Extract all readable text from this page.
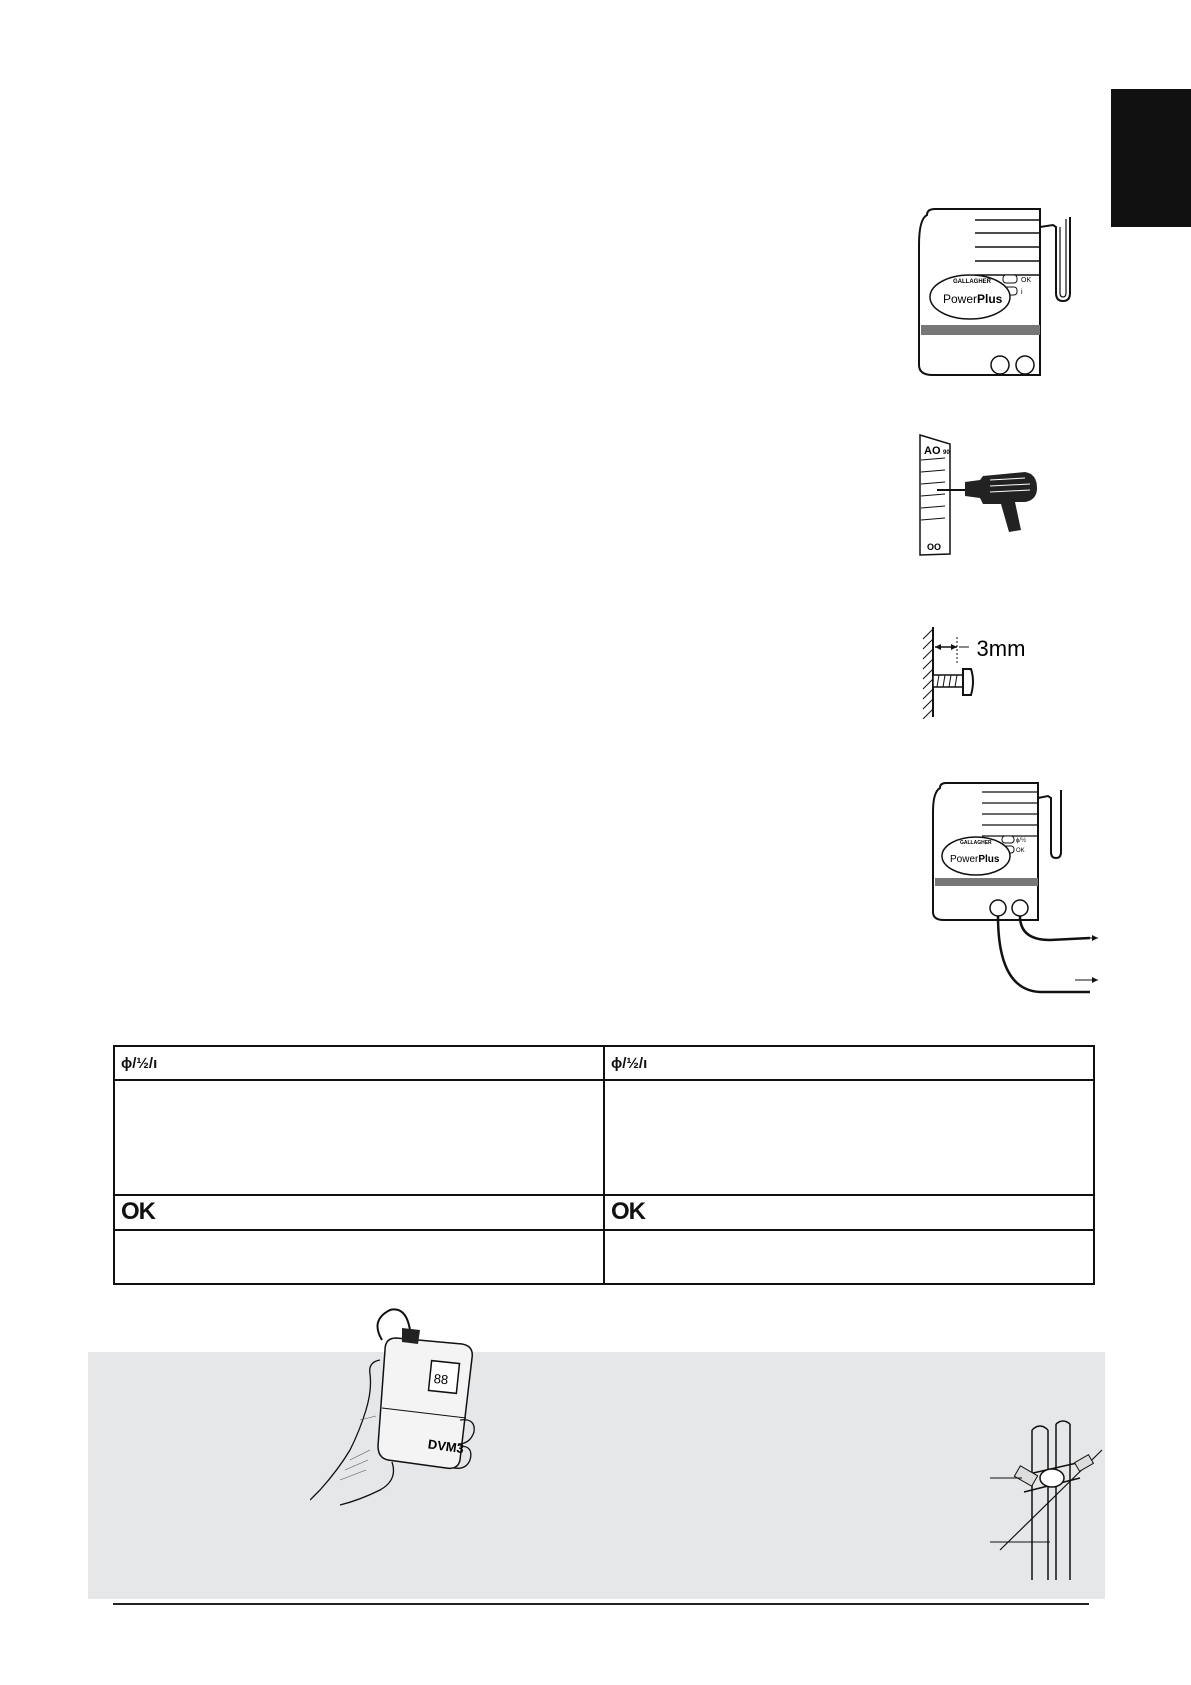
OK
i
GALLAGHER
PowerPlus
AO 90
OO
3mm
ɸ/½
OK
GALLAGHER
PowerPlus
ɸ/½/ı	ɸ/½/ı

OK	OK

88
DVM3
